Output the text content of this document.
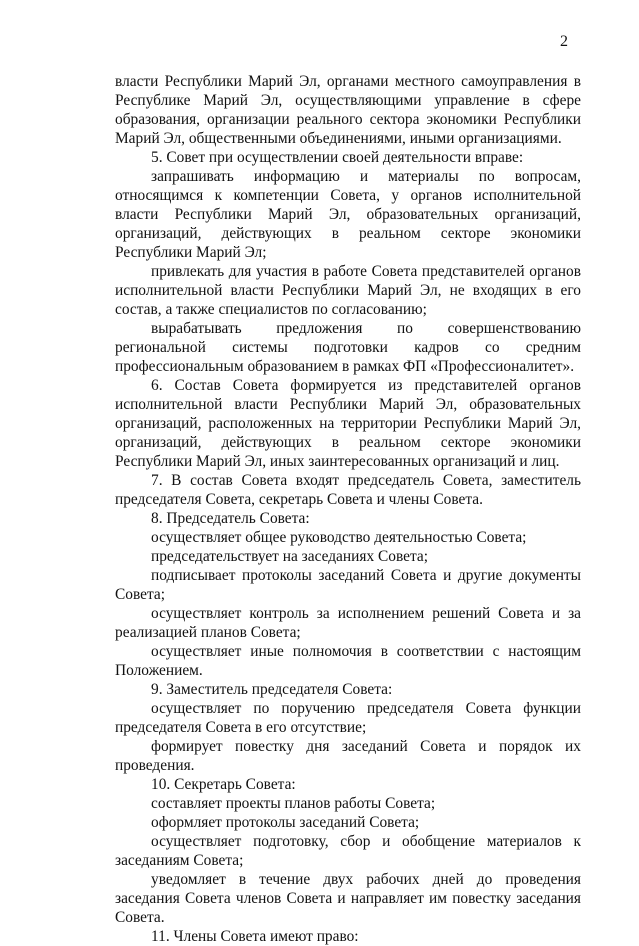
2

власти Республики Марий Эл, органами местного самоуправления в Республике Марий Эл, осуществляющими управление в сфере образования, организации реального сектора экономики Республики Марий Эл, общественными объединениями, иными организациями.

5. Совет при осуществлении своей деятельности вправе:

запрашивать информацию и материалы по вопросам, относящимся к компетенции Совета, у органов исполнительной власти Республики Марий Эл, образовательных организаций, организаций, действующих в реальном секторе экономики Республики Марий Эл;

привлекать для участия в работе Совета представителей органов исполнительной власти Республики Марий Эл, не входящих в его состав, а также специалистов по согласованию;

вырабатывать предложения по совершенствованию региональной системы подготовки кадров со средним профессиональным образованием в рамках ФП «Профессионалитет».

6. Состав Совета формируется из представителей органов исполнительной власти Республики Марий Эл, образовательных организаций, расположенных на территории Республики Марий Эл, организаций, действующих в реальном секторе экономики Республики Марий Эл, иных заинтересованных организаций и лиц.

7. В состав Совета входят председатель Совета, заместитель председателя Совета, секретарь Совета и члены Совета.

8. Председатель Совета:

осуществляет общее руководство деятельностью Совета;

председательствует на заседаниях Совета;

подписывает протоколы заседаний Совета и другие документы Совета;

осуществляет контроль за исполнением решений Совета и за реализацией планов Совета;

осуществляет иные полномочия в соответствии с настоящим Положением.

9. Заместитель председателя Совета:

осуществляет по поручению председателя Совета функции председателя Совета в его отсутствие;

формирует повестку дня заседаний Совета и порядок их проведения.

10. Секретарь Совета:

составляет проекты планов работы Совета;

оформляет протоколы заседаний Совета;

осуществляет подготовку, сбор и обобщение материалов к заседаниям Совета;

уведомляет в течение двух рабочих дней до проведения заседания Совета членов Совета и направляет им повестку заседания Совета.

11. Члены Совета имеют право:
